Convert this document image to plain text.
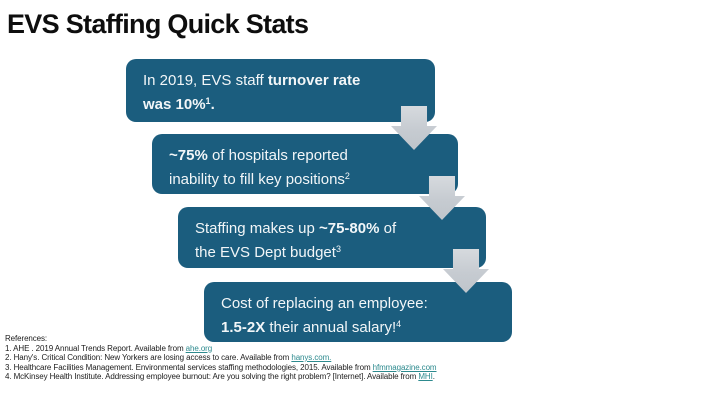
EVS Staffing Quick Stats
In 2019, EVS staff turnover rate
was 10%$^1$.
~75% of hospitals reported
inability to fill key positions$^2$
Staffing makes up ~75-80% of
the EVS Dept budget$^3$
Cost of replacing an employee:
1.5-2X their annual salary!$^4$
References:
1. AHE . 2019 Annual Trends Report. Available from ahe.org
2. Hany's. Critical Condition: New Yorkers are losing access to care. Available from hanys.com.
3. Healthcare Facilities Management. Environmental services staffing methodologies, 2015. Available from hfmmagazine.com
4. McKinsey Health Institute. Addressing employee burnout: Are you solving the right problem? [Internet]. Available from MHI.
